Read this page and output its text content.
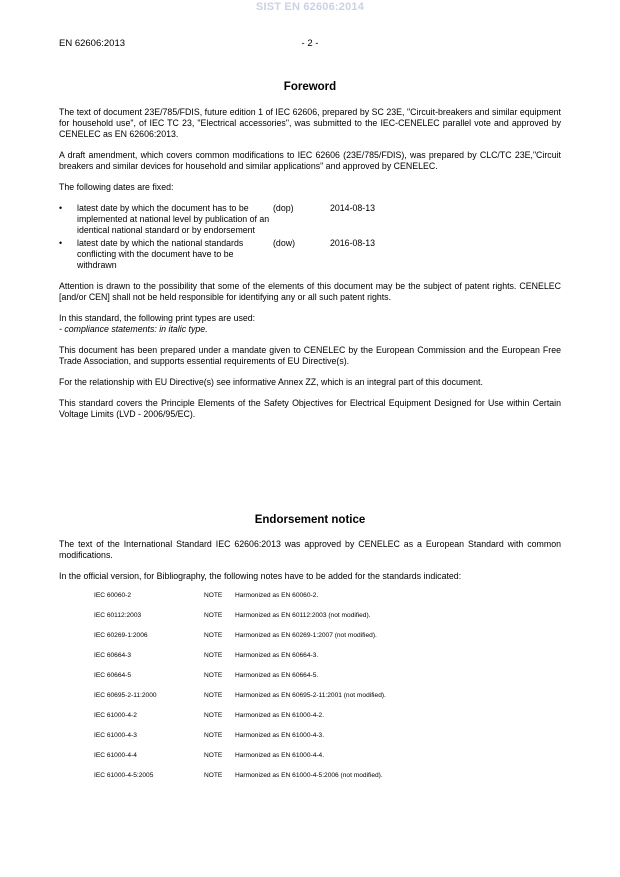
SIST EN 62606:2014
EN 62606:2013	- 2 -
Foreword

The text of document 23E/785/FDIS, future edition 1 of IEC 62606, prepared by SC 23E, "Circuit-breakers and similar equipment for household use", of IEC TC 23, "Electrical accessories", was submitted to the IEC-CENELEC parallel vote and approved by CENELEC as EN 62606:2013.

A draft amendment, which covers common modifications to IEC 62606 (23E/785/FDIS), was prepared by CLC/TC 23E,"Circuit breakers and similar devices for household and similar applications" and approved by CENELEC.

The following dates are fixed:

•	latest date by which the document has to be implemented at national level by publication of an identical national standard or by endorsement
(dop)	2014-08-13
•	latest date by which the national standards conflicting with the document have to be withdrawn
(dow)	2016-08-13

Attention is drawn to the possibility that some of the elements of this document may be the subject of patent rights. CENELEC [and/or CEN] shall not be held responsible for identifying any or all such patent rights.

In this standard, the following print types are used:
- compliance statements: in italic type.

This document has been prepared under a mandate given to CENELEC by the European Commission and the European Free Trade Association, and supports essential requirements of EU Directive(s).

For the relationship with EU Directive(s) see informative Annex ZZ, which is an integral part of this document.

This standard covers the Principle Elements of the Safety Objectives for Electrical Equipment Designed for Use within Certain Voltage Limits (LVD - 2006/95/EC).

Endorsement notice

The text of the International Standard IEC 62606:2013 was approved by CENELEC as a European Standard with common modifications.

In the official version, for Bibliography, the following notes have to be added for the standards indicated:

IEC 60060-2	NOTE	Harmonized as EN 60060-2.
IEC 60112:2003	NOTE	Harmonized as EN 60112:2003 (not modified).
IEC 60269-1:2006	NOTE	Harmonized as EN 60269-1:2007 (not modified).
IEC 60664-3	NOTE	Harmonized as EN 60664-3.
IEC 60664-5	NOTE	Harmonized as EN 60664-5.
IEC 60695-2-11:2000	NOTE	Harmonized as EN 60695-2-11:2001 (not modified).
IEC 61000-4-2	NOTE	Harmonized as EN 61000-4-2.
IEC 61000-4-3	NOTE	Harmonized as EN 61000-4-3.
IEC 61000-4-4	NOTE	Harmonized as EN 61000-4-4.
IEC 61000-4-5:2005	NOTE	Harmonized as EN 61000-4-5:2006 (not modified).
